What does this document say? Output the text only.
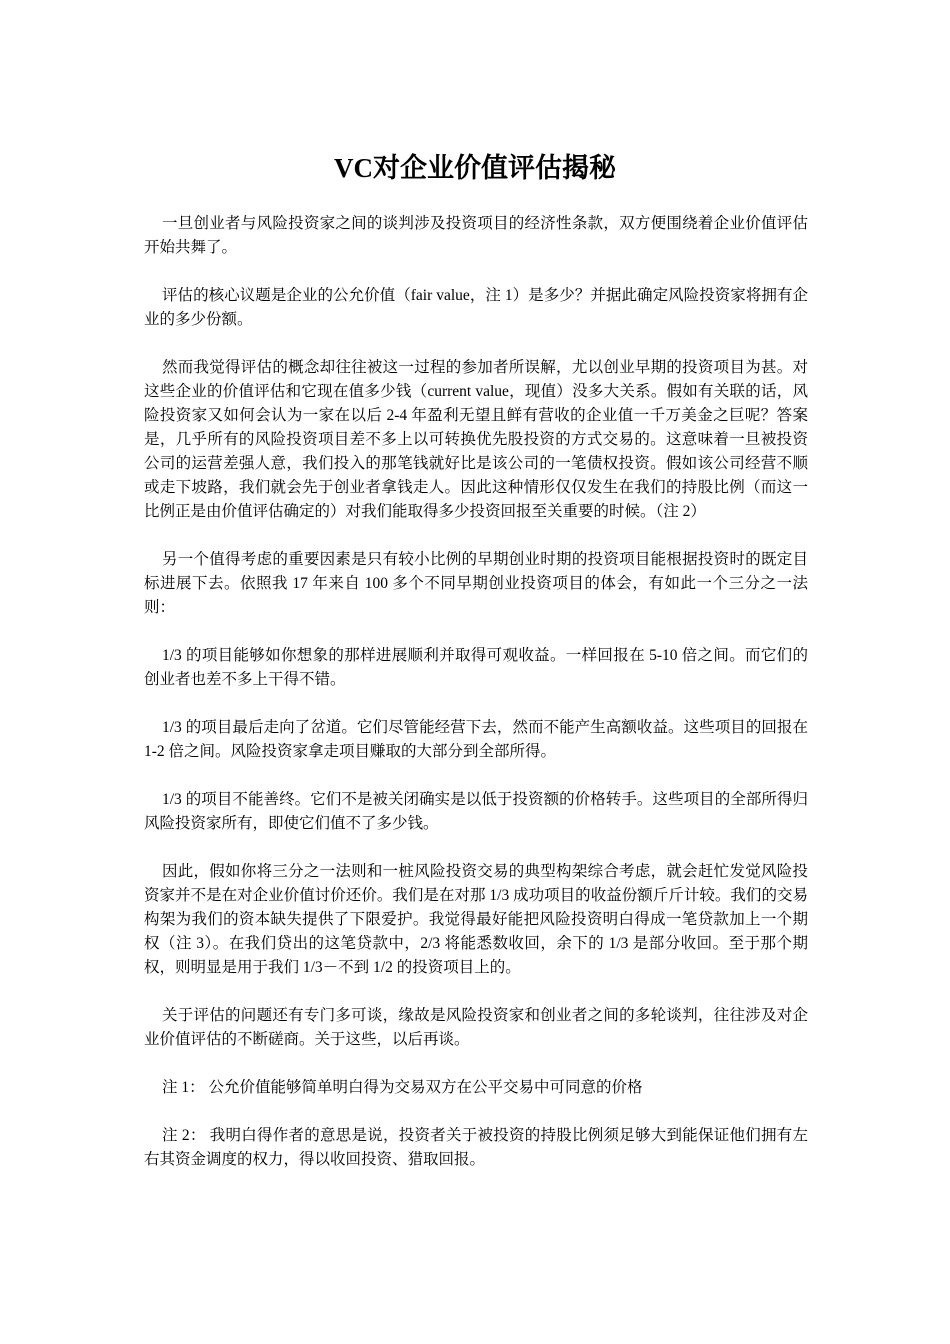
VC对企业价值评估揭秘

一旦创业者与风险投资家之间的谈判涉及投资项目的经济性条款，双方便围绕着企业价值评估开始共舞了。

评估的核心议题是企业的公允价值（fair value，注 1）是多少？并据此确定风险投资家将拥有企业的多少份额。

然而我觉得评估的概念却往往被这一过程的参加者所误解，尤以创业早期的投资项目为甚。对这些企业的价值评估和它现在值多少钱（current value，现值）没多大关系。假如有关联的话，风险投资家又如何会认为一家在以后 2-4 年盈利无望且鲜有营收的企业值一千万美金之巨呢？答案是，几乎所有的风险投资项目差不多上以可转换优先股投资的方式交易的。这意味着一旦被投资公司的运营差强人意，我们投入的那笔钱就好比是该公司的一笔债权投资。假如该公司经营不顺或走下坡路，我们就会先于创业者拿钱走人。因此这种情形仅仅发生在我们的持股比例（而这一比例正是由价值评估确定的）对我们能取得多少投资回报至关重要的时候。（注 2）

另一个值得考虑的重要因素是只有较小比例的早期创业时期的投资项目能根据投资时的既定目标进展下去。依照我 17 年来自 100 多个不同早期创业投资项目的体会，有如此一个三分之一法则：

1/3 的项目能够如你想象的那样进展顺利并取得可观收益。一样回报在 5-10 倍之间。而它们的创业者也差不多上干得不错。

1/3 的项目最后走向了岔道。它们尽管能经营下去，然而不能产生高额收益。这些项目的回报在 1-2 倍之间。风险投资家拿走项目赚取的大部分到全部所得。

1/3 的项目不能善终。它们不是被关闭确实是以低于投资额的价格转手。这些项目的全部所得归风险投资家所有，即使它们值不了多少钱。

因此，假如你将三分之一法则和一桩风险投资交易的典型构架综合考虑，就会赶忙发觉风险投资家并不是在对企业价值讨价还价。我们是在对那 1/3 成功项目的收益份额斤斤计较。我们的交易构架为我们的资本缺失提供了下限爱护。我觉得最好能把风险投资明白得成一笔贷款加上一个期权（注 3）。在我们贷出的这笔贷款中，2/3 将能悉数收回，余下的 1/3 是部分收回。至于那个期权，则明显是用于我们 1/3－不到 1/2 的投资项目上的。

关于评估的问题还有专门多可谈，缘故是风险投资家和创业者之间的多轮谈判，往往涉及对企业价值评估的不断磋商。关于这些，以后再谈。

注 1： 公允价值能够简单明白得为交易双方在公平交易中可同意的价格

注 2： 我明白得作者的意思是说，投资者关于被投资的持股比例须足够大到能保证他们拥有左右其资金调度的权力，得以收回投资、猎取回报。
